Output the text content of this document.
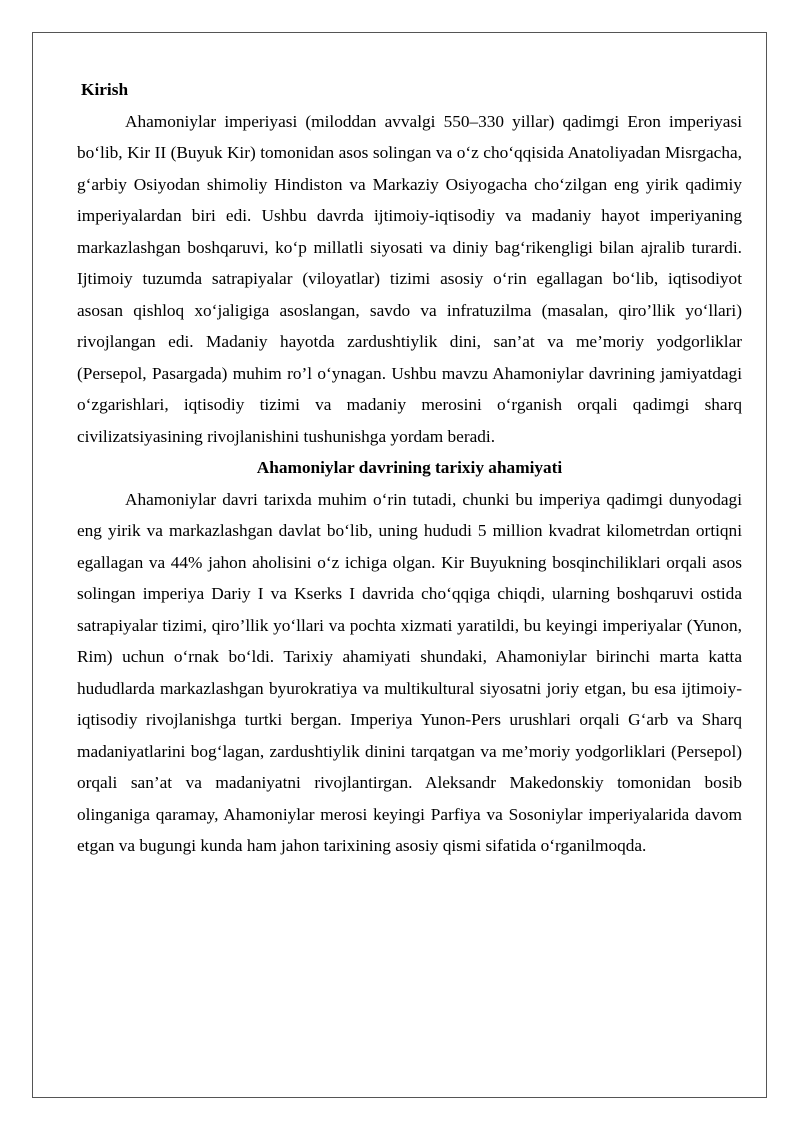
Kirish

Ahamoniylar imperiyasi (miloddan avvalgi 550–330 yillar) qadimgi Eron imperiyasi bo‘lib, Kir II (Buyuk Kir) tomonidan asos solingan va o‘z cho‘qqisida Anatoliyadan Misrgacha, g‘arbiy Osiyodan shimoliy Hindiston va Markaziy Osiyogacha cho‘zilgan eng yirik qadimiy imperiyalardan biri edi. Ushbu davrda ijtimoiy-iqtisodiy va madaniy hayot imperiyaning markazlashgan boshqaruvi, ko‘p millatli siyosati va diniy bag‘rikengligi bilan ajralib turardi. Ijtimoiy tuzumda satrapiyalar (viloyatlar) tizimi asosiy o‘rin egallagan bo‘lib, iqtisodiyot asosan qishloq xo‘jaligiga asoslangan, savdo va infratuzilma (masalan, qiro’llik yo‘llari) rivojlangan edi. Madaniy hayotda zardushtiylik dini, san’at va me’moriy yodgorliklar (Persepol, Pasargada) muhim ro’l o‘ynagan. Ushbu mavzu Ahamoniylar davrining jamiyatdagi o‘zgarishlari, iqtisodiy tizimi va madaniy merosini o‘rganish orqali qadimgi sharq civilizatsiyasining rivojlanishini tushunishga yordam beradi.

Ahamoniylar davrining tarixiy ahamiyati

Ahamoniylar davri tarixda muhim o‘rin tutadi, chunki bu imperiya qadimgi dunyodagi eng yirik va markazlashgan davlat bo‘lib, uning hududi 5 million kvadrat kilometrdan ortiqni egallagan va 44% jahon aholisini o‘z ichiga olgan. Kir Buyukning bosqinchiliklari orqali asos solingan imperiya Dariy I va Kserks I davrida cho‘qqiga chiqdi, ularning boshqaruvi ostida satrapiyalar tizimi, qiro’llik yo‘llari va pochta xizmati yaratildi, bu keyingi imperiyalar (Yunon, Rim) uchun o‘rnak bo‘ldi. Tarixiy ahamiyati shundaki, Ahamoniylar birinchi marta katta hududlarda markazlashgan byurokratiya va multikultural siyosatni joriy etgan, bu esa ijtimoiy-iqtisodiy rivojlanishga turtki bergan. Imperiya Yunon-Pers urushlari orqali G‘arb va Sharq madaniyatlarini bog‘lagan, zardushtiylik dinini tarqatgan va me’moriy yodgorliklari (Persepol) orqali san’at va madaniyatni rivojlantirgan. Aleksandr Makedonskiy tomonidan bosib olinganiga qaramay, Ahamoniylar merosi keyingi Parfiya va Sosoniylar imperiyalarida davom etgan va bugungi kunda ham jahon tarixining asosiy qismi sifatida o‘rganilmoqda.
